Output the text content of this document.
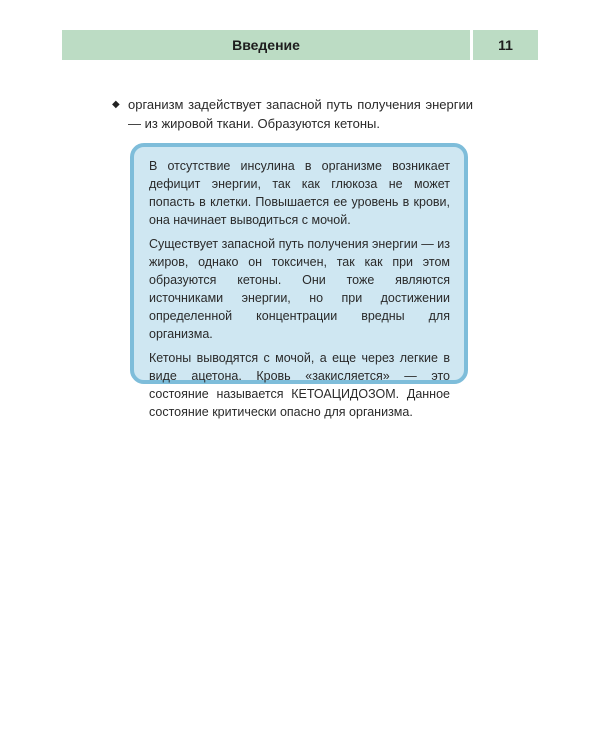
Введение	11
◆ организм задействует запасной путь получения энергии — из жировой ткани. Образуются кетоны.

В отсутствие инсулина в организме возникает дефицит энергии, так как глюкоза не может попасть в клетки. Повышается ее уровень в крови, она начинает выводиться с мочой.

Существует запасной путь получения энергии — из жиров, однако он токсичен, так как при этом образуются кетоны. Они тоже являются источниками энергии, но при достижении определенной концентрации вредны для организма.

Кетоны выводятся с мочой, а еще через легкие в виде ацетона. Кровь «закисляется» — это состояние называется КЕТОАЦИДОЗОМ. Данное состояние критически опасно для организма.
